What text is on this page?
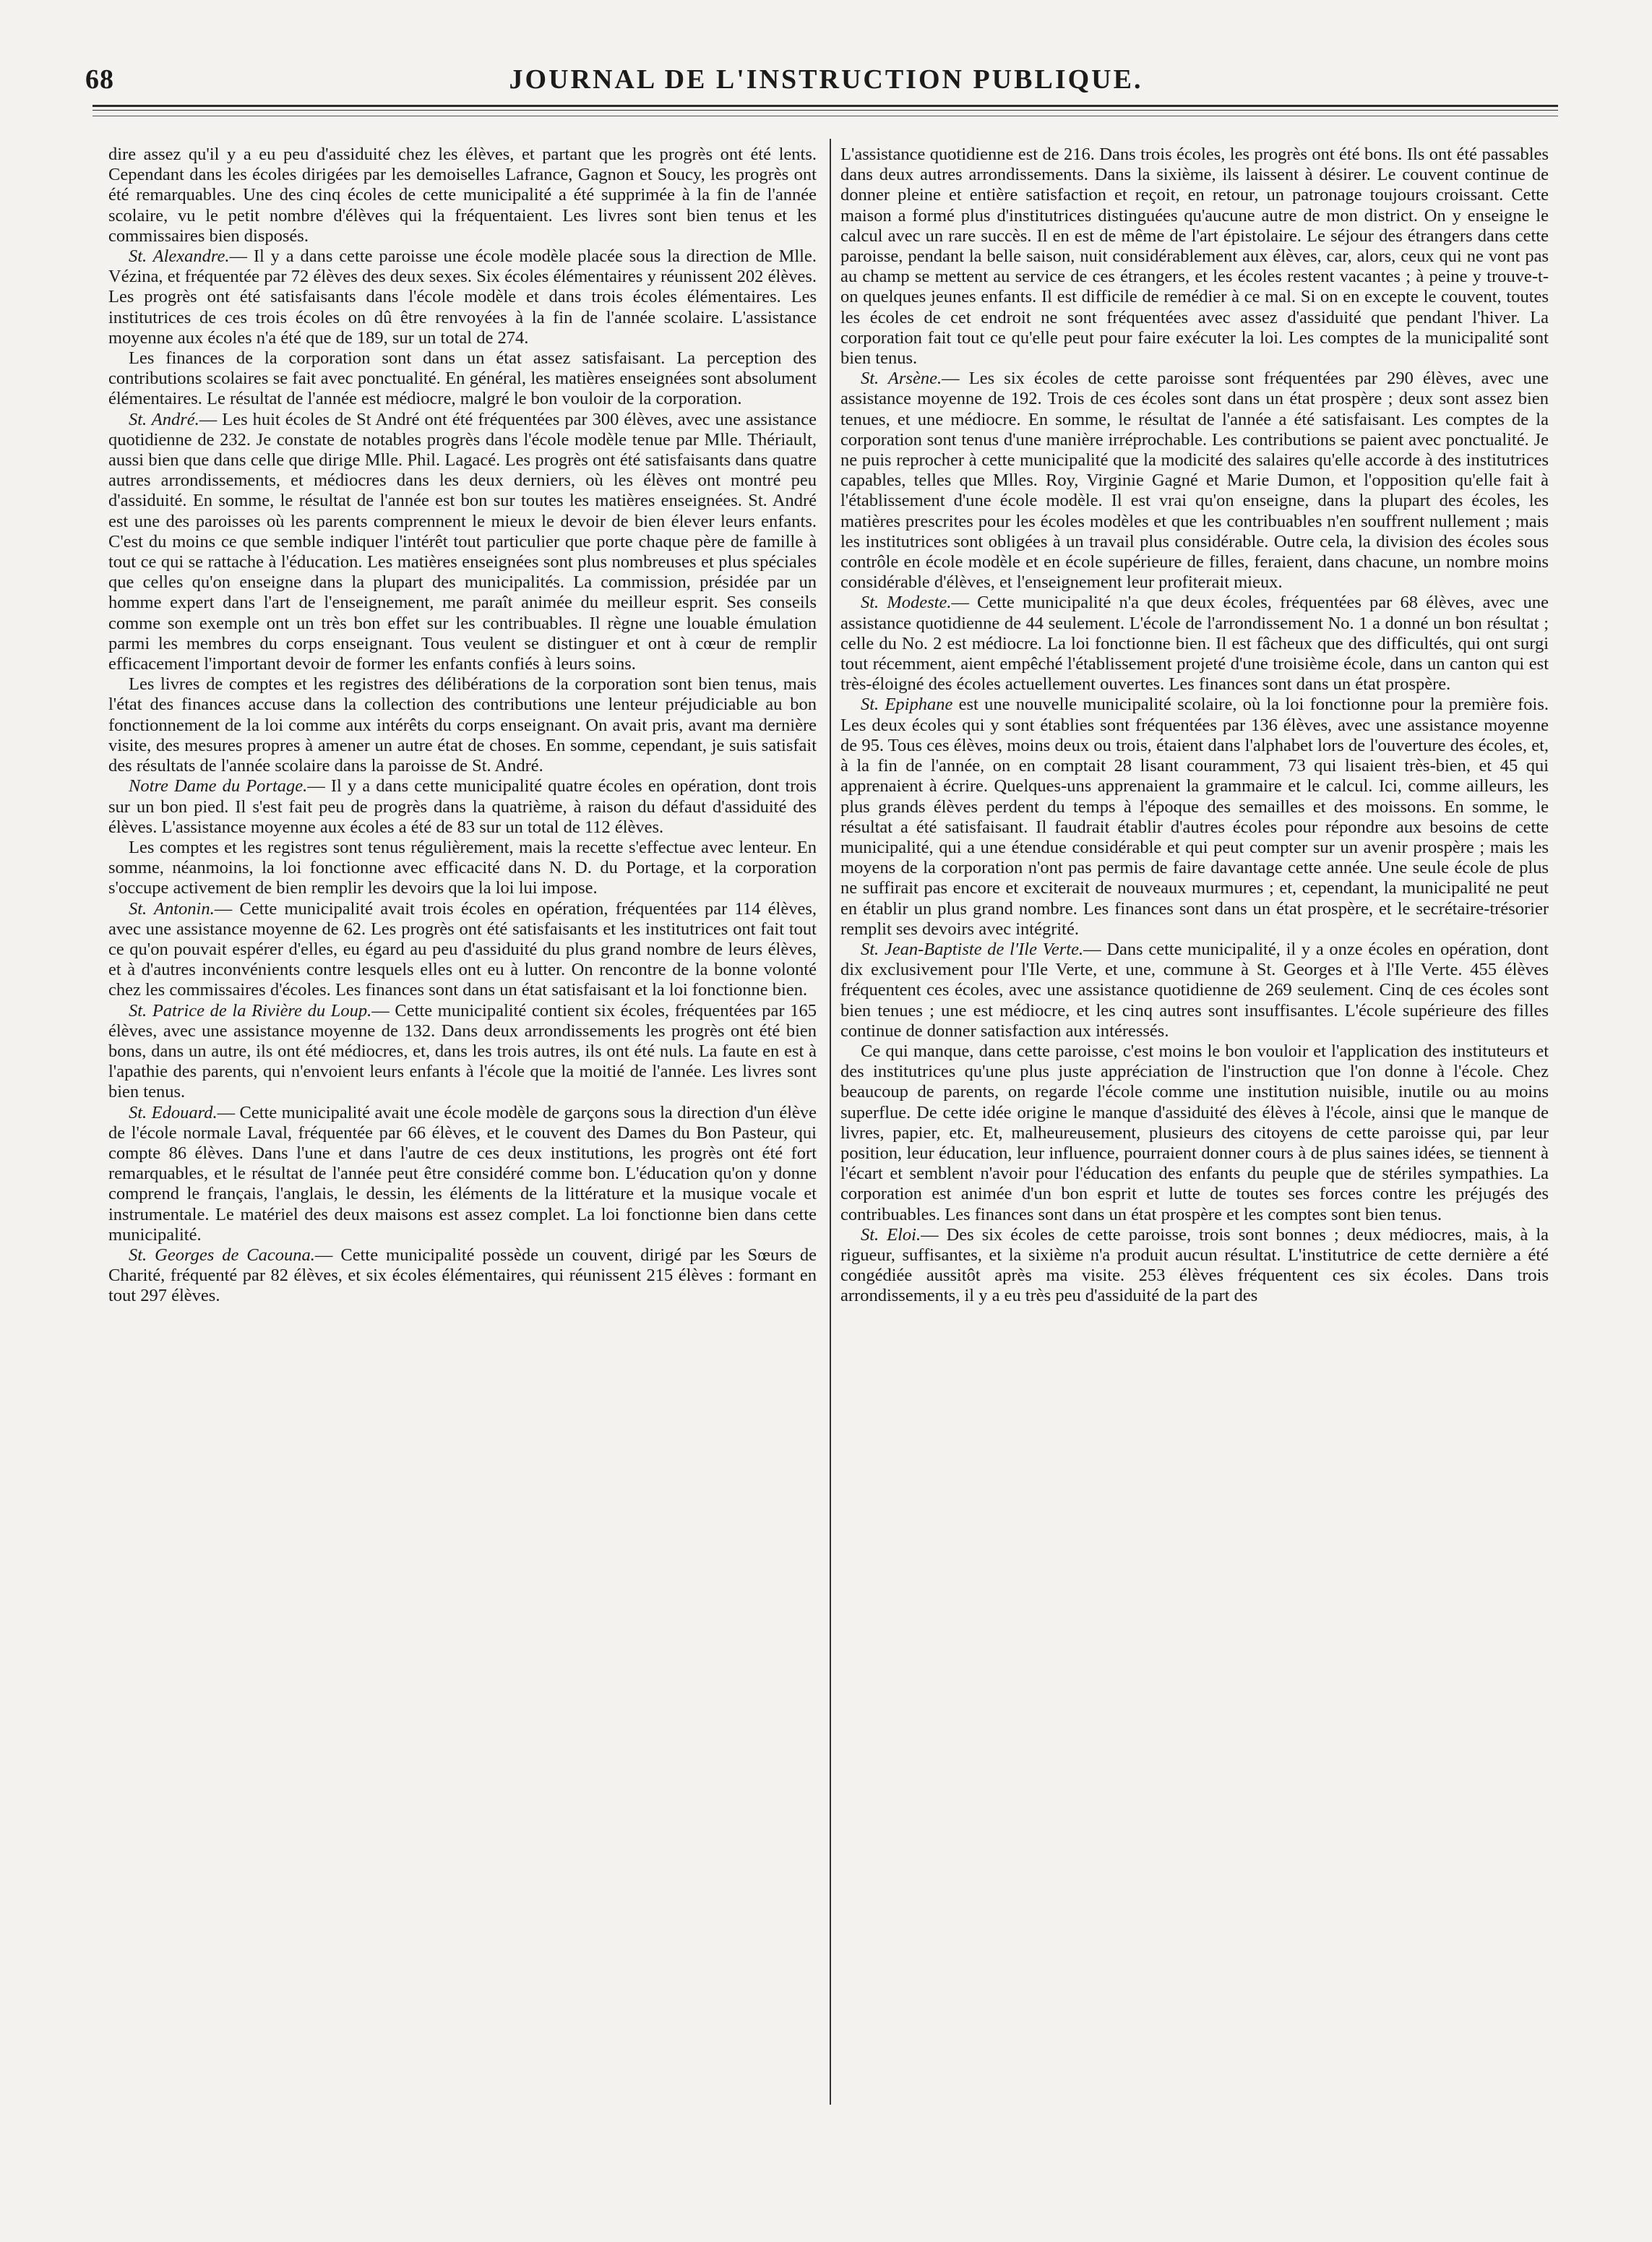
68	JOURNAL DE L'INSTRUCTION PUBLIQUE.

dire assez qu'il y a eu peu d'assiduité chez les élèves, et partant que les progrès ont été lents. Cependant dans les écoles dirigées par les demoiselles Lafrance, Gagnon et Soucy, les progrès ont été remarquables. Une des cinq écoles de cette municipalité a été supprimée à la fin de l'année scolaire, vu le petit nombre d'élèves qui la fréquentaient. Les livres sont bien tenus et les commissaires bien disposés.

St. Alexandre.— Il y a dans cette paroisse une école modèle placée sous la direction de Mlle. Vézina, et fréquentée par 72 élèves des deux sexes. Six écoles élémentaires y réunissent 202 élèves. Les progrès ont été satisfaisants dans l'école modèle et dans trois écoles élémentaires. Les institutrices de ces trois écoles on dû être renvoyées à la fin de l'année scolaire. L'assistance moyenne aux écoles n'a été que de 189, sur un total de 274.

Les finances de la corporation sont dans un état assez satisfaisant. La perception des contributions scolaires se fait avec ponctualité. En général, les matières enseignées sont absolument élémentaires. Le résultat de l'année est médiocre, malgré le bon vouloir de la corporation.

St. André.— Les huit écoles de St André ont été fréquentées par 300 élèves, avec une assistance quotidienne de 232. Je constate de notables progrès dans l'école modèle tenue par Mlle. Thériault, aussi bien que dans celle que dirige Mlle. Phil. Lagacé. Les progrès ont été satisfaisants dans quatre autres arrondissements, et médiocres dans les deux derniers, où les élèves ont montré peu d'assiduité. En somme, le résultat de l'année est bon sur toutes les matières enseignées. St. André est une des paroisses où les parents comprennent le mieux le devoir de bien élever leurs enfants. C'est du moins ce que semble indiquer l'intérêt tout particulier que porte chaque père de famille à tout ce qui se rattache à l'éducation. Les matières enseignées sont plus nombreuses et plus spéciales que celles qu'on enseigne dans la plupart des municipalités. La commission, présidée par un homme expert dans l'art de l'enseignement, me paraît animée du meilleur esprit. Ses conseils comme son exemple ont un très bon effet sur les contribuables. Il règne une louable émulation parmi les membres du corps enseignant. Tous veulent se distinguer et ont à cœur de remplir efficacement l'important devoir de former les enfants confiés à leurs soins.

Les livres de comptes et les registres des délibérations de la corporation sont bien tenus, mais l'état des finances accuse dans la collection des contributions une lenteur préjudiciable au bon fonctionnement de la loi comme aux intérêts du corps enseignant. On avait pris, avant ma dernière visite, des mesures propres à amener un autre état de choses. En somme, cependant, je suis satisfait des résultats de l'année scolaire dans la paroisse de St. André.

Notre Dame du Portage.— Il y a dans cette municipalité quatre écoles en opération, dont trois sur un bon pied. Il s'est fait peu de progrès dans la quatrième, à raison du défaut d'assiduité des élèves. L'assistance moyenne aux écoles a été de 83 sur un total de 112 élèves.

Les comptes et les registres sont tenus régulièrement, mais la recette s'effectue avec lenteur. En somme, néanmoins, la loi fonctionne avec efficacité dans N. D. du Portage, et la corporation s'occupe activement de bien remplir les devoirs que la loi lui impose.

St. Antonin.— Cette municipalité avait trois écoles en opération, fréquentées par 114 élèves, avec une assistance moyenne de 62. Les progrès ont été satisfaisants et les institutrices ont fait tout ce qu'on pouvait espérer d'elles, eu égard au peu d'assiduité du plus grand nombre de leurs élèves, et à d'autres inconvénients contre lesquels elles ont eu à lutter. On rencontre de la bonne volonté chez les commissaires d'écoles. Les finances sont dans un état satisfaisant et la loi fonctionne bien.

St. Patrice de la Rivière du Loup.— Cette municipalité contient six écoles, fréquentées par 165 élèves, avec une assistance moyenne de 132. Dans deux arrondissements les progrès ont été bien bons, dans un autre, ils ont été médiocres, et, dans les trois autres, ils ont été nuls. La faute en est à l'apathie des parents, qui n'envoient leurs enfants à l'école que la moitié de l'année. Les livres sont bien tenus.

St. Edouard.— Cette municipalité avait une école modèle de garçons sous la direction d'un élève de l'école normale Laval, fréquentée par 66 élèves, et le couvent des Dames du Bon Pasteur, qui compte 86 élèves. Dans l'une et dans l'autre de ces deux institutions, les progrès ont été fort remarquables, et le résultat de l'année peut être considéré comme bon. L'éducation qu'on y donne comprend le français, l'anglais, le dessin, les éléments de la littérature et la musique vocale et instrumentale. Le matériel des deux maisons est assez complet. La loi fonctionne bien dans cette municipalité.

St. Georges de Cacouna.— Cette municipalité possède un couvent, dirigé par les Sœurs de Charité, fréquenté par 82 élèves, et six écoles élémentaires, qui réunissent 215 élèves : formant en tout 297 élèves.

L'assistance quotidienne est de 216. Dans trois écoles, les progrès ont été bons. Ils ont été passables dans deux autres arrondissements. Dans la sixième, ils laissent à désirer. Le couvent continue de donner pleine et entière satisfaction et reçoit, en retour, un patronage toujours croissant. Cette maison a formé plus d'institutrices distinguées qu'aucune autre de mon district. On y enseigne le calcul avec un rare succès. Il en est de même de l'art épistolaire. Le séjour des étrangers dans cette paroisse, pendant la belle saison, nuit considérablement aux élèves, car, alors, ceux qui ne vont pas au champ se mettent au service de ces étrangers, et les écoles restent vacantes ; à peine y trouve-t-on quelques jeunes enfants. Il est difficile de remédier à ce mal. Si on en excepte le couvent, toutes les écoles de cet endroit ne sont fréquentées avec assez d'assiduité que pendant l'hiver. La corporation fait tout ce qu'elle peut pour faire exécuter la loi. Les comptes de la municipalité sont bien tenus.

St. Arsène.— Les six écoles de cette paroisse sont fréquentées par 290 élèves, avec une assistance moyenne de 192. Trois de ces écoles sont dans un état prospère ; deux sont assez bien tenues, et une médiocre. En somme, le résultat de l'année a été satisfaisant. Les comptes de la corporation sont tenus d'une manière irréprochable. Les contributions se paient avec ponctualité. Je ne puis reprocher à cette municipalité que la modicité des salaires qu'elle accorde à des institutrices capables, telles que Mlles. Roy, Virginie Gagné et Marie Dumon, et l'opposition qu'elle fait à l'établissement d'une école modèle. Il est vrai qu'on enseigne, dans la plupart des écoles, les matières prescrites pour les écoles modèles et que les contribuables n'en souffrent nullement ; mais les institutrices sont obligées à un travail plus considérable. Outre cela, la division des écoles sous contrôle en école modèle et en école supérieure de filles, feraient, dans chacune, un nombre moins considérable d'élèves, et l'enseignement leur profiterait mieux.

St. Modeste.— Cette municipalité n'a que deux écoles, fréquentées par 68 élèves, avec une assistance quotidienne de 44 seulement. L'école de l'arrondissement No. 1 a donné un bon résultat ; celle du No. 2 est médiocre. La loi fonctionne bien. Il est fâcheux que des difficultés, qui ont surgi tout récemment, aient empêché l'établissement projeté d'une troisième école, dans un canton qui est très-éloigné des écoles actuellement ouvertes. Les finances sont dans un état prospère.

St. Epiphane est une nouvelle municipalité scolaire, où la loi fonctionne pour la première fois. Les deux écoles qui y sont établies sont fréquentées par 136 élèves, avec une assistance moyenne de 95. Tous ces élèves, moins deux ou trois, étaient dans l'alphabet lors de l'ouverture des écoles, et, à la fin de l'année, on en comptait 28 lisant couramment, 73 qui lisaient très-bien, et 45 qui apprenaient à écrire. Quelques-uns apprenaient la grammaire et le calcul. Ici, comme ailleurs, les plus grands élèves perdent du temps à l'époque des semailles et des moissons. En somme, le résultat a été satisfaisant. Il faudrait établir d'autres écoles pour répondre aux besoins de cette municipalité, qui a une étendue considérable et qui peut compter sur un avenir prospère ; mais les moyens de la corporation n'ont pas permis de faire davantage cette année. Une seule école de plus ne suffirait pas encore et exciterait de nouveaux murmures ; et, cependant, la municipalité ne peut en établir un plus grand nombre. Les finances sont dans un état prospère, et le secrétaire-trésorier remplit ses devoirs avec intégrité.

St. Jean-Baptiste de l'Ile Verte.— Dans cette municipalité, il y a onze écoles en opération, dont dix exclusivement pour l'Ile Verte, et une, commune à St. Georges et à l'Ile Verte. 455 élèves fréquentent ces écoles, avec une assistance quotidienne de 269 seulement. Cinq de ces écoles sont bien tenues ; une est médiocre, et les cinq autres sont insuffisantes. L'école supérieure des filles continue de donner satisfaction aux intéressés.

Ce qui manque, dans cette paroisse, c'est moins le bon vouloir et l'application des instituteurs et des institutrices qu'une plus juste appréciation de l'instruction que l'on donne à l'école. Chez beaucoup de parents, on regarde l'école comme une institution nuisible, inutile ou au moins superflue. De cette idée origine le manque d'assiduité des élèves à l'école, ainsi que le manque de livres, papier, etc. Et, malheureusement, plusieurs des citoyens de cette paroisse qui, par leur position, leur éducation, leur influence, pourraient donner cours à de plus saines idées, se tiennent à l'écart et semblent n'avoir pour l'éducation des enfants du peuple que de stériles sympathies. La corporation est animée d'un bon esprit et lutte de toutes ses forces contre les préjugés des contribuables. Les finances sont dans un état prospère et les comptes sont bien tenus.

St. Eloi.— Des six écoles de cette paroisse, trois sont bonnes ; deux médiocres, mais, à la rigueur, suffisantes, et la sixième n'a produit aucun résultat. L'institutrice de cette dernière a été congédiée aussitôt après ma visite. 253 élèves fréquentent ces six écoles. Dans trois arrondissements, il y a eu très peu d'assiduité de la part des
